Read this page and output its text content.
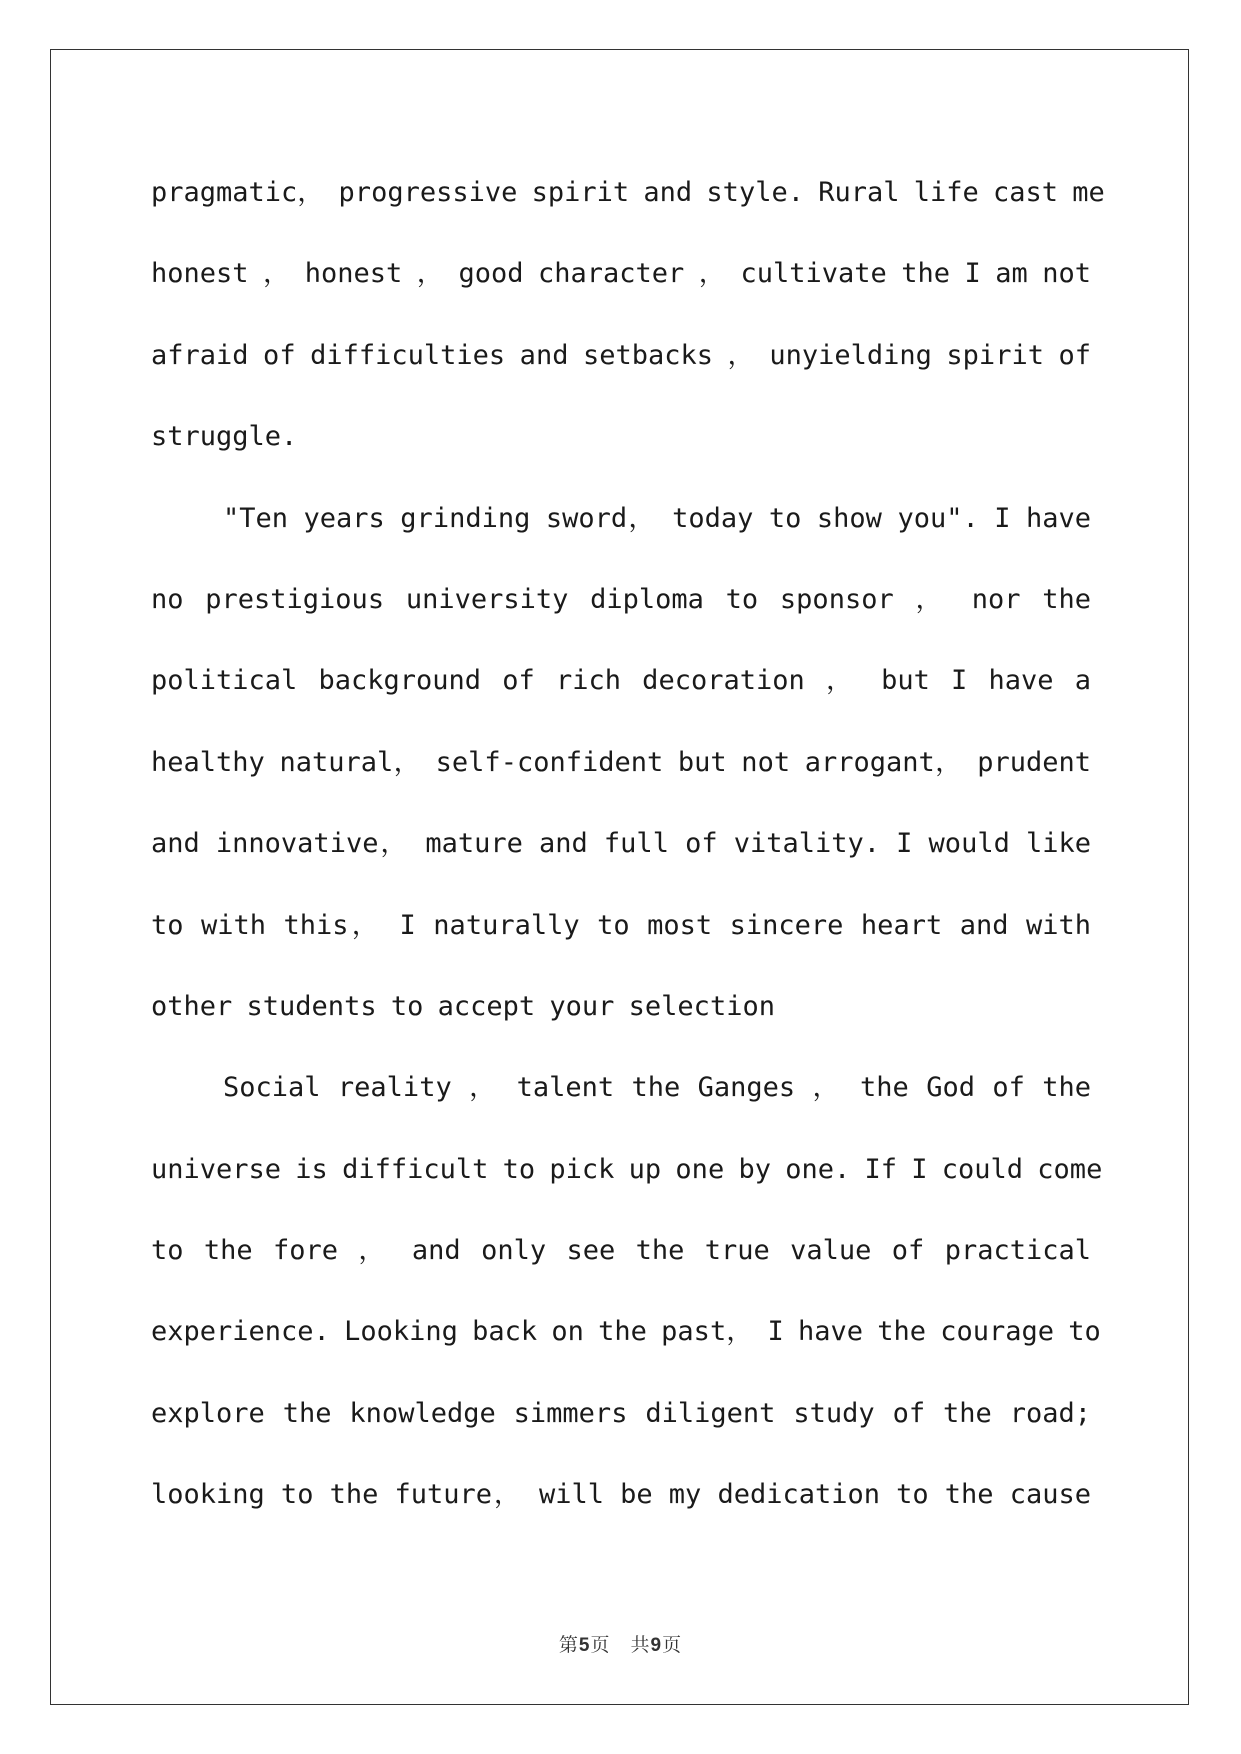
pragmatic， progressive spirit and style. Rural life cast me
honest ， honest ， good character ， cultivate the I am not
afraid of difficulties and setbacks ， unyielding spirit of
struggle.
"Ten years grinding sword， today to show you". I have
no prestigious university diploma to sponsor ， nor the
political background of rich decoration ， but I have a
healthy natural， self-confident but not arrogant， prudent
and innovative， mature and full of vitality. I would like
to with this， I naturally to most sincere heart and with
other students to accept your selection
Social reality ， talent the Ganges ， the God of the
universe is difficult to pick up one by one. If I could come
to the fore ， and only see the true value of practical
experience. Looking back on the past， I have the courage to
explore the knowledge simmers diligent study of the road;
looking to the future， will be my dedication to the cause
第5页　共9页
